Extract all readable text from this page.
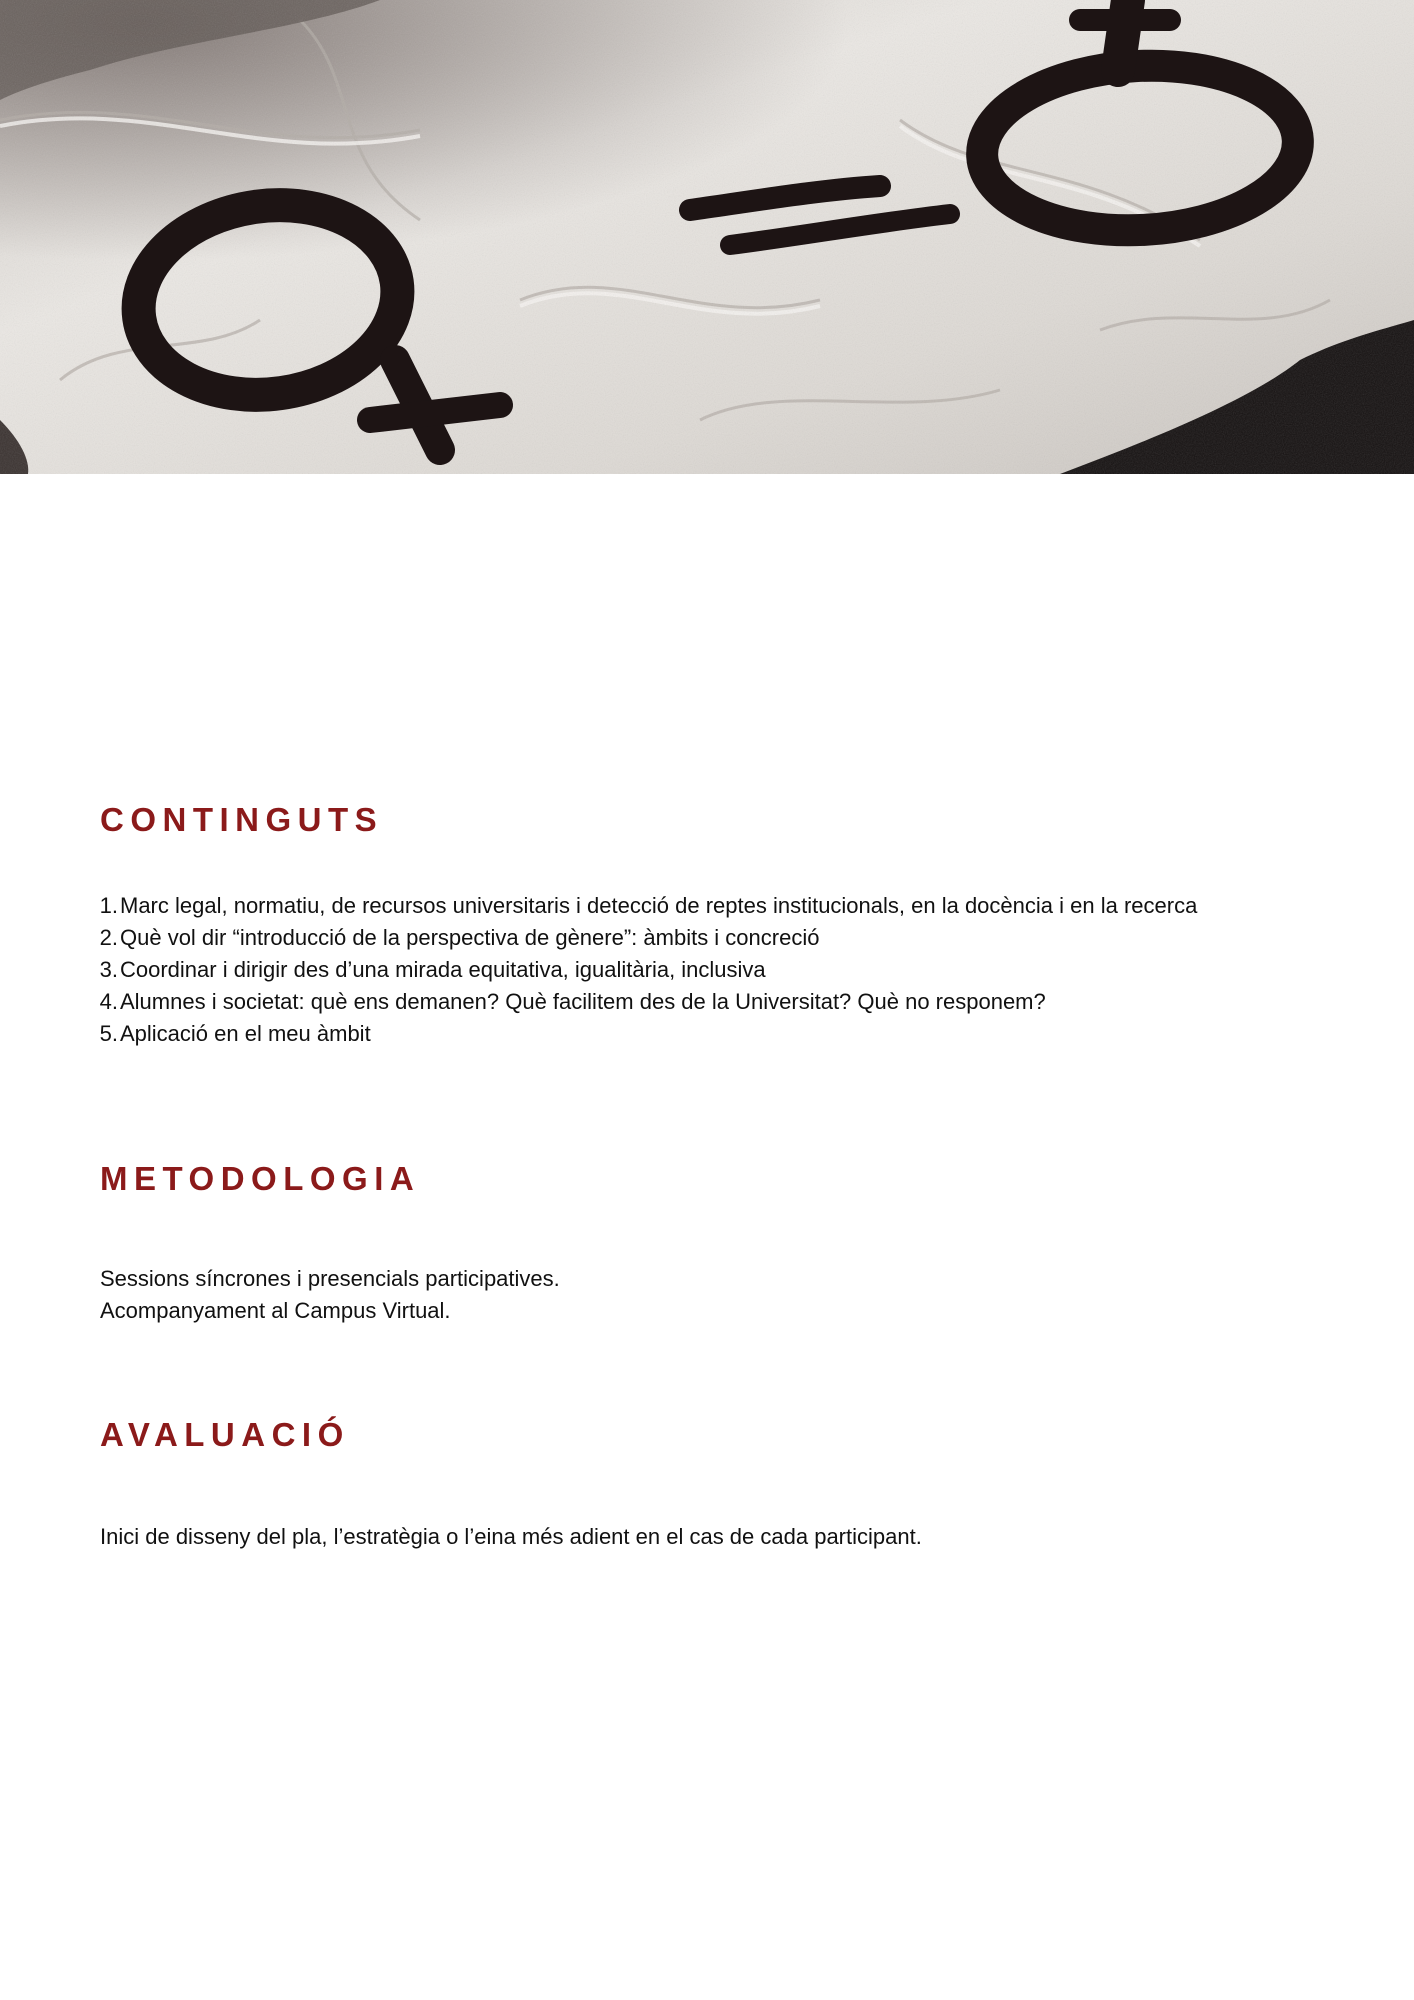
CONTINGUTS
1. Marc legal, normatiu, de recursos universitaris i detecció de reptes institucionals, en la docència i en la recerca
2. Què vol dir “introducció de la perspectiva de gènere”: àmbits i concreció
3. Coordinar i dirigir des d’una mirada equitativa, igualitària, inclusiva
4. Alumnes i societat: què ens demanen? Què facilitem des de la Universitat? Què no responem?
5. Aplicació en el meu àmbit
METODOLOGIA
Sessions síncrones i presencials participatives.
Acompanyament al Campus Virtual.
AVALUACIÓ

Inici de disseny del pla, l’estratègia o l’eina més adient en el cas de cada participant.
